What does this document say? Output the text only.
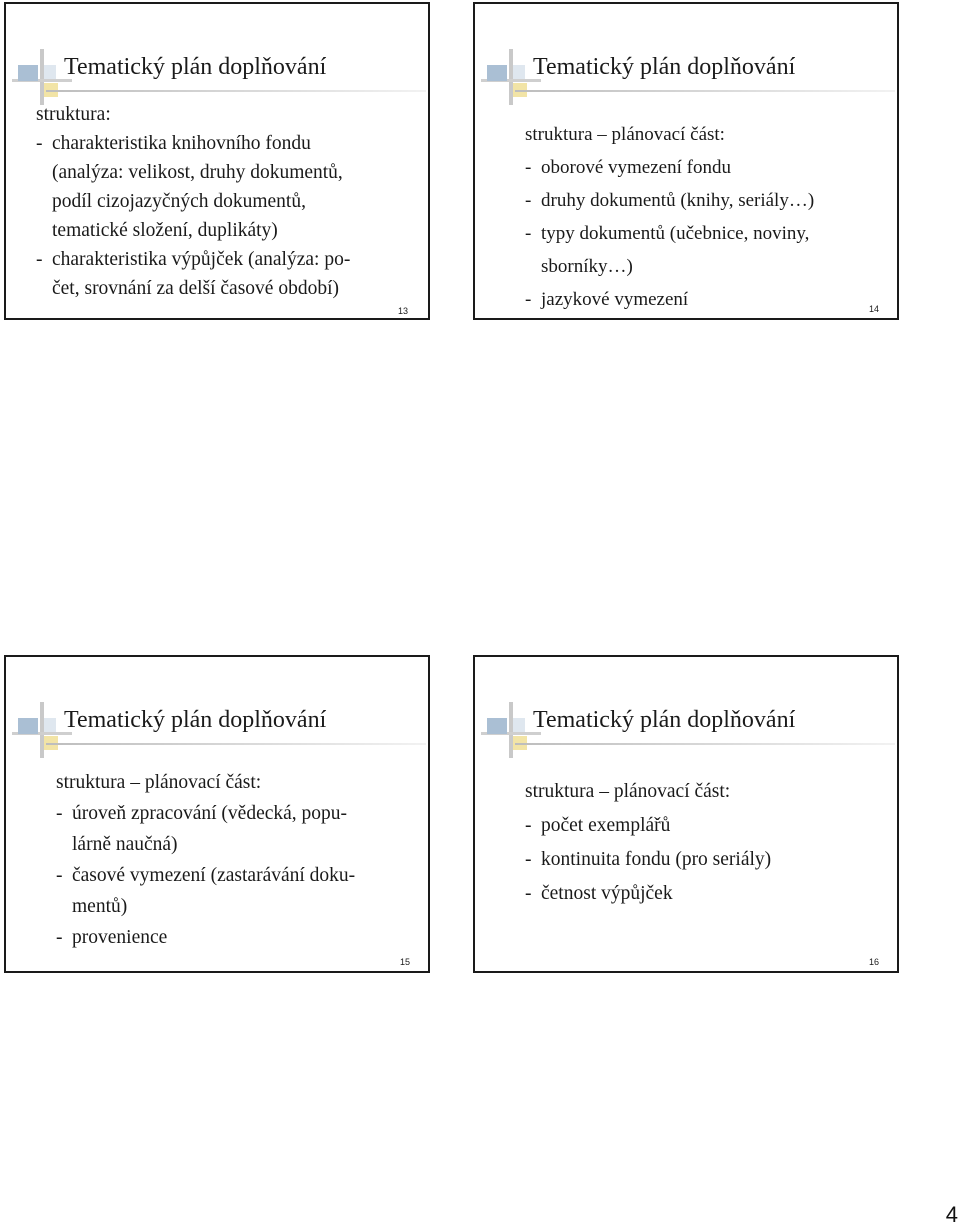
Tematický plán doplňování
struktura:
- charakteristika knihovního fondu
(analýza: velikost, druhy dokumentů,
podíl cizojazyčných dokumentů,
tematické složení, duplikáty)
- charakteristika výpůjček (analýza: po-
čet, srovnání za delší časové období)
13
Tematický plán doplňování
struktura – plánovací část:
- oborové vymezení fondu
- druhy dokumentů (knihy, seriály…)
- typy dokumentů (učebnice, noviny,
sborníky…)
- jazykové vymezení	14
Tematický plán doplňování
struktura – plánovací část:
- úroveň zpracování (vědecká, popu-
lárně naučná)
- časové vymezení (zastarávání doku-
mentů)
- provenience
15
Tematický plán doplňování
struktura – plánovací část:
- počet exemplářů
- kontinuita fondu (pro seriály)
- četnost výpůjček
16
4
